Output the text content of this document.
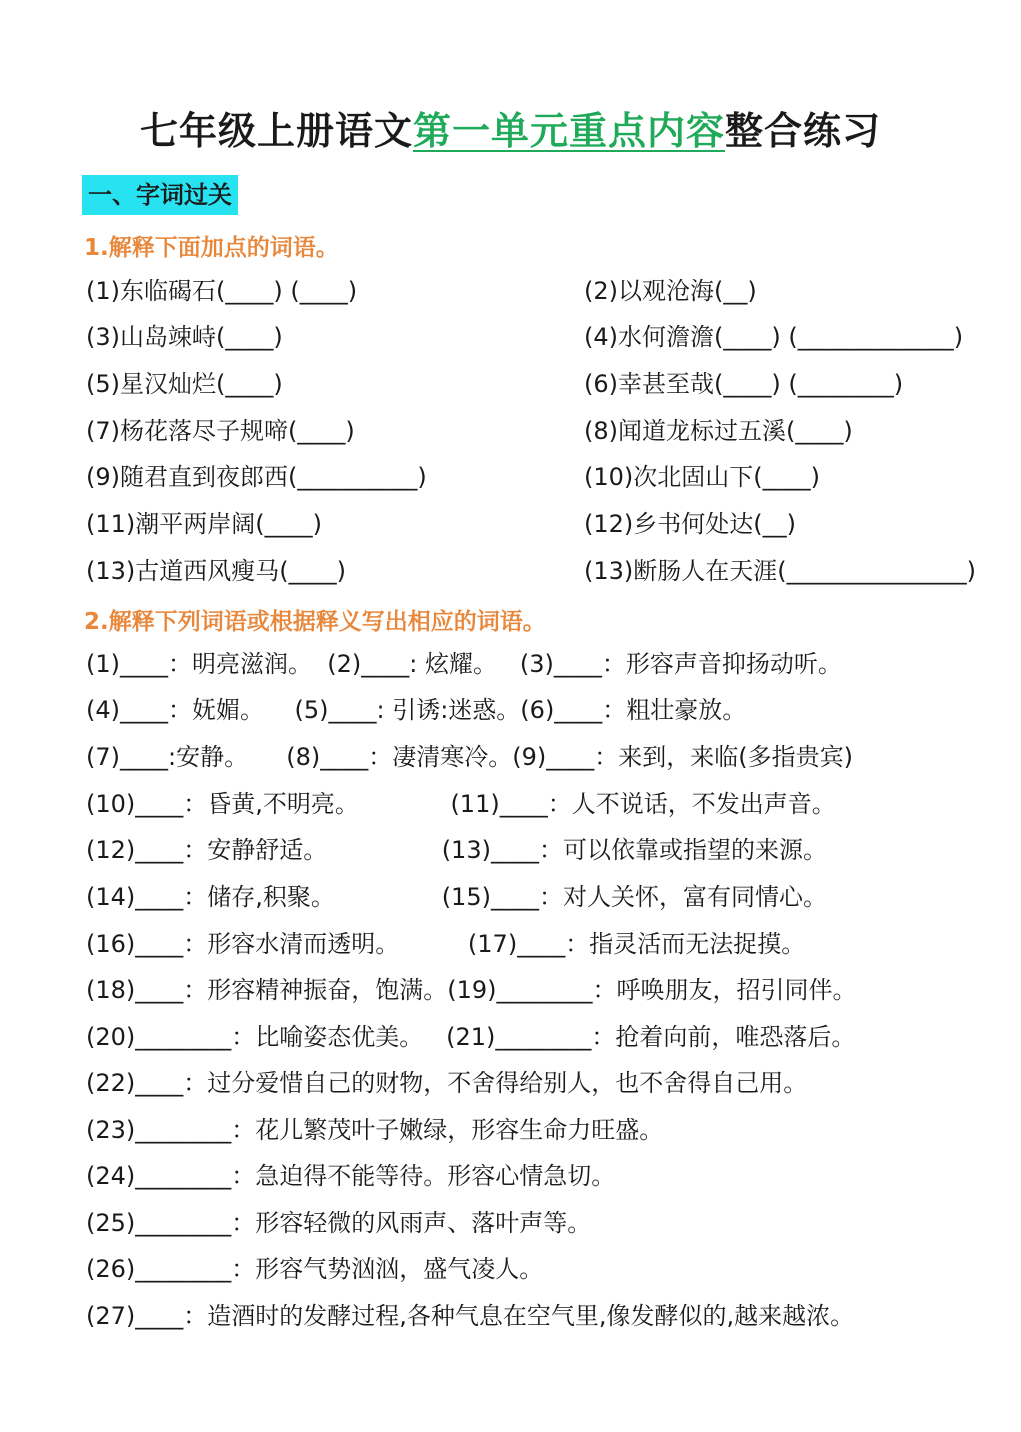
七年级上册语文第一单元重点内容整合练习
一、字词过关
1.解释下面加点的词语。
(1)东临碣石(____) (____)	(2)以观沧海(__)
(3)山岛竦峙(____)	(4)水何澹澹(____) (_____________)
(5)星汉灿烂(____)	(6)幸甚至哉(____) (________)
(7)杨花落尽子规啼(____)	(8)闻道龙标过五溪(____)
(9)随君直到夜郎西(__________)	(10)次北固山下(____)
(11)潮平两岸阔(____)	(12)乡书何处达(__)
(13)古道西风瘦马(____)	(13)断肠人在天涯(_______________)
2.解释下列词语或根据释义写出相应的词语。
(1)____：明亮滋润。  (2)____: 炫耀。   (3)____：形容声音抑扬动听。
(4)____：妩媚。    (5)____: 引诱:迷惑。(6)____：粗壮豪放。
(7)____:安静。     (8)____：凄清寒冷。(9)____：来到，来临(多指贵宾)
(10)____：昏黄,不明亮。            (11)____：人不说话，不发出声音。
(12)____：安静舒适。               (13)____：可以依靠或指望的来源。
(14)____：储存,积聚。              (15)____：对人关怀，富有同情心。
(16)____：形容水清而透明。         (17)____：指灵活而无法捉摸。
(18)____：形容精神振奋，饱满。(19)________：呼唤朋友，招引同伴。
(20)________：比喻姿态优美。   (21)________：抢着向前，唯恐落后。
(22)____：过分爱惜自己的财物，不舍得给别人，也不舍得自己用。
(23)________：花儿繁茂叶子嫩绿，形容生命力旺盛。
(24)________：急迫得不能等待。形容心情急切。
(25)________：形容轻微的风雨声、落叶声等。
(26)________：形容气势汹汹，盛气凌人。
(27)____：造酒时的发酵过程,各种气息在空气里,像发酵似的,越来越浓。
